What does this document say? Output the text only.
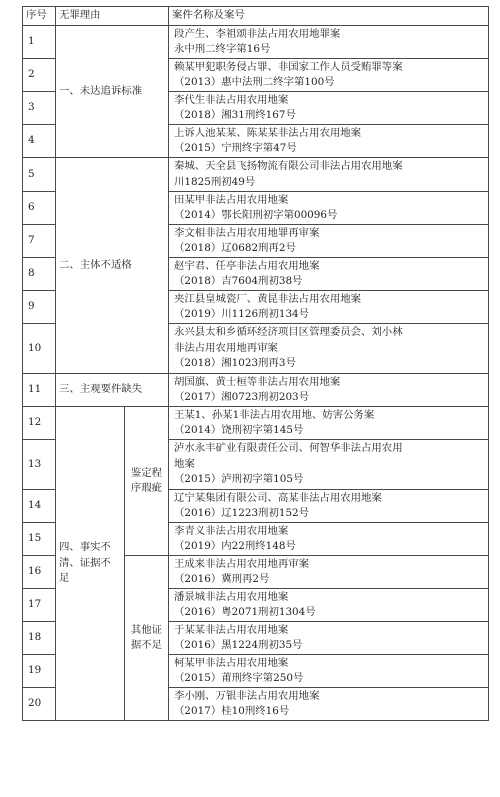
序号	无罪理由		案件名称及案号
1	一、未达追诉标准		段产生、李祖颂非法占用农用地罪案
永中刑二终字第16号

2			赖某甲犯职务侵占罪、非国家工作人员受贿罪等案
（2013）惠中法刑二终字第100号

3			李代生非法占用农用地案
（2018）湘31刑终167号

4			上诉人池某某、陈某某非法占用农用地案
（2015）宁刑终字第47号

5	二、主体不适格		秦城、天全县飞扬物流有限公司非法占用农用地案
川1825刑初49号

6			田某甲非法占用农用地案
（2014）鄂长阳刑初字第00096号

7			李文相非法占用农用地罪再审案
（2018）辽0682刑再2号

8			赵宇君、任亭非法占用农用地案
（2018）吉7604刑初38号

9			夹江县皇城瓷厂、黄昆非法占用农用地案
（2019）川1126刑初134号

10			永兴县太和乡循环经济项目区管理委员会、刘小林
非法占用农用地再审案
（2018）湘1023刑再3号

11	三、主观要件缺失		胡国旗、黄士桓等非法占用农用地案
（2017）湘0723刑初203号

12	四、事实不清、证据不足	鉴定程序瑕疵	王某1、孙某1非法占用农用地、妨害公务案
（2014）饶刑初字第145号

13			泸水永丰矿业有限责任公司、何智华非法占用农用
地案
（2015）泸刑初字第105号

14			辽宁某集团有限公司、高某非法占用农用地案
（2016）辽1223刑初152号

15			李青义非法占用农用地案
（2019）内22刑终148号

16		其他证据不足	王成来非法占用农用地再审案
（2016）冀刑再2号

17			潘景城非法占用农用地案
（2016）粤2071刑初1304号

18			于某某非法占用农用地案
（2016）黑1224刑初35号

19			柯某甲非法占用农用地案
（2015）莆刑终字第250号

20			李小刚、万银非法占用农用地案
（2017）桂10刑终16号
